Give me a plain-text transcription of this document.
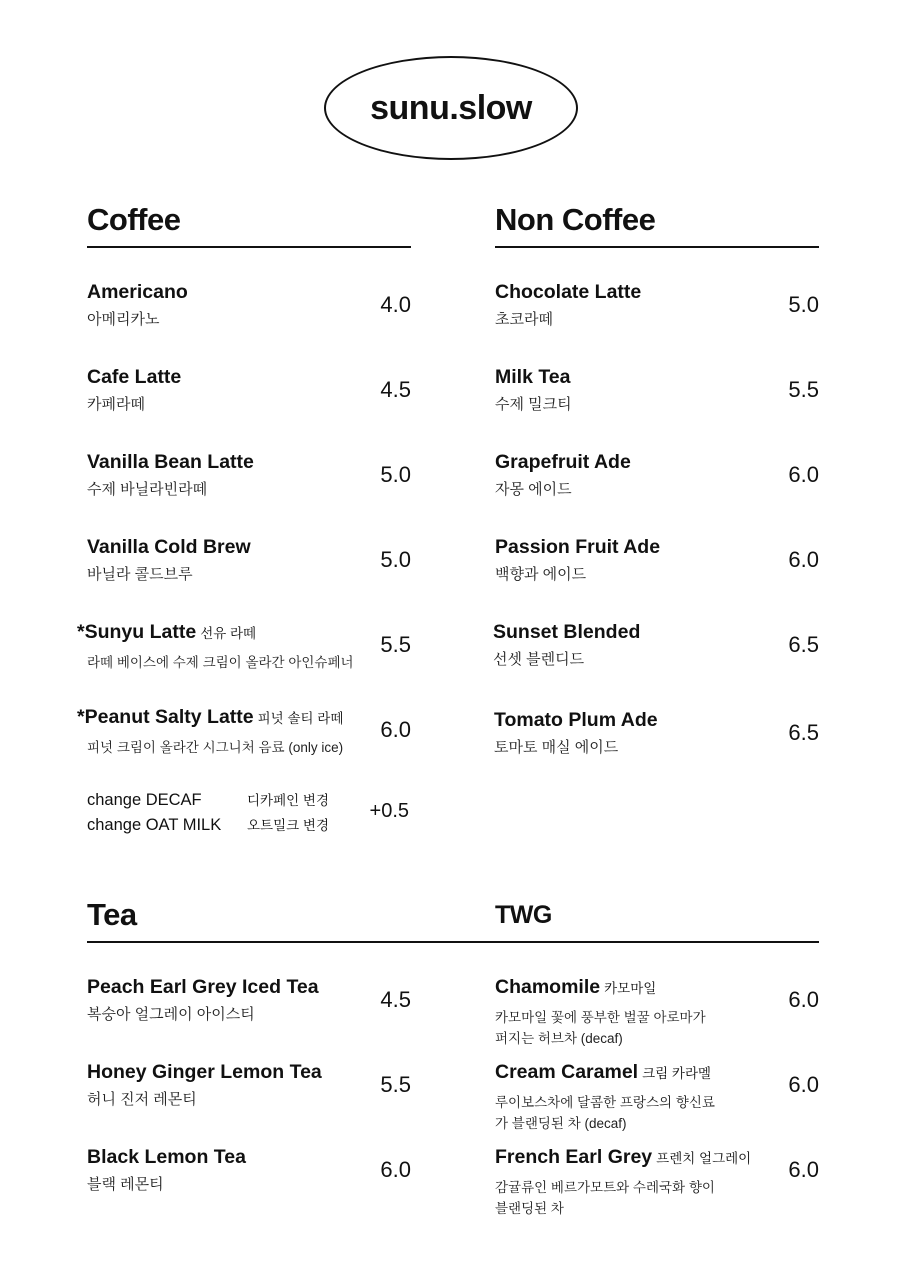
sunu.slow
Coffee
Americano
아메리카노
4.0
Cafe Latte
카페라떼
4.5
Vanilla Bean Latte
수제 바닐라빈라떼
5.0
Vanilla Cold Brew
바닐라 콜드브루
5.0
*Sunyu Latte 선유 라떼
라떼 베이스에 수제 크림이 올라간 아인슈페너
5.5
*Peanut Salty Latte 피넛 솔티 라떼
피넛 크림이 올라간 시그니처 음료 (only ice)
6.0
change DECAF	디카페인 변경
change OAT MILK 오트밀크 변경
+0.5
Non Coffee
Chocolate Latte
초코라떼
5.0
Milk Tea
수제 밀크티
5.5
Grapefruit Ade
자몽 에이드
6.0
Passion Fruit Ade
백향과 에이드
6.0
Sunset Blended
선셋 블렌디드
6.5
Tomato Plum Ade
토마토 매실 에이드
6.5
Tea
Peach Earl Grey Iced Tea
복숭아 얼그레이 아이스티
4.5
Honey Ginger Lemon Tea
허니 진저 레몬티
5.5
Black Lemon Tea
블랙 레몬티
6.0
TWG
Chamomile 카모마일
카모마일 꽃에 풍부한 벌꿀 아로마가
퍼지는 허브차 (decaf)
6.0
Cream Caramel 크림 카라멜
루이보스차에 달콤한 프랑스의 향신료
가 블랜딩된 차 (decaf)
6.0
French Earl Grey 프렌치 얼그레이
감귤류인 베르가모트와 수레국화 향이
블랜딩된 차
6.0
